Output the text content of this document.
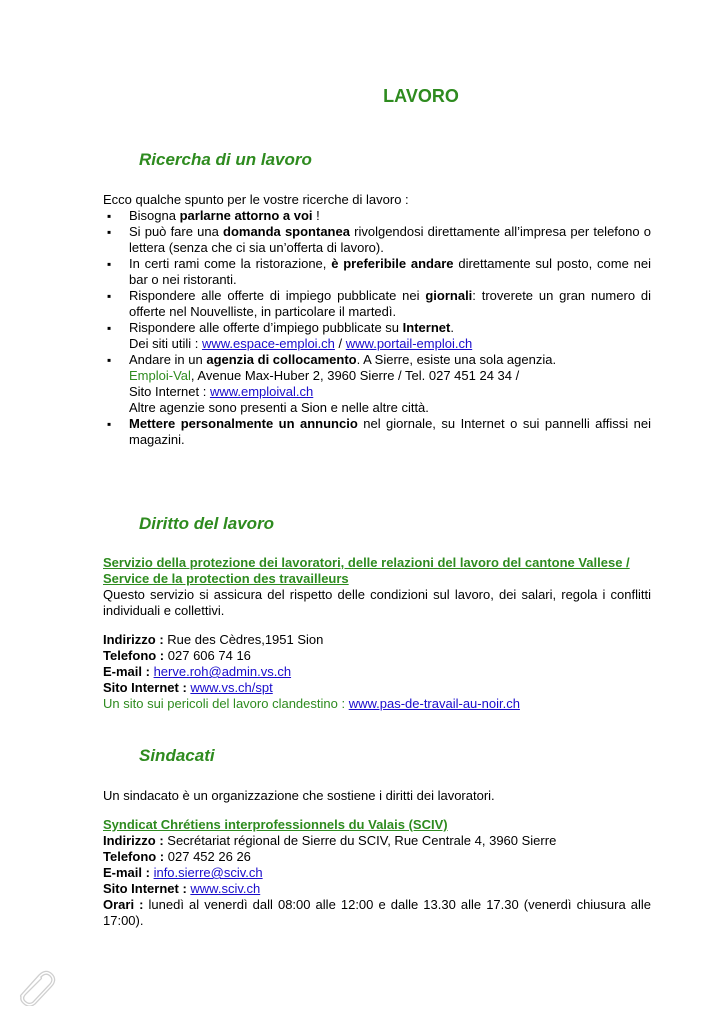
LAVORO
Ricercha di un lavoro
Ecco qualche spunto per le vostre ricerche di lavoro :
▪ Bisogna parlarne attorno a voi !
▪ Si può fare una domanda spontanea rivolgendosi direttamente all’impresa per telefono o lettera (senza che ci sia un’offerta di lavoro).
▪ In certi rami come la ristorazione, è preferibile andare direttamente sul posto, come nei bar o nei ristoranti.
▪ Rispondere alle offerte di impiego pubblicate nei giornali: troverete un gran numero di offerte nel Nouvelliste, in particolare il martedì.
▪ Rispondere alle offerte d’impiego pubblicate su Internet.
Dei siti utili : www.espace-emploi.ch / www.portail-emploi.ch
▪ Andare in un agenzia di collocamento. A Sierre, esiste una sola agenzia.
Emploi-Val, Avenue Max-Huber 2, 3960 Sierre / Tel. 027 451 24 34 /
Sito Internet : www.emploival.ch
Altre agenzie sono presenti a Sion e nelle altre città.
▪ Mettere personalmente un annuncio nel giornale, su Internet o sui pannelli affissi nei magazini.
Diritto del lavoro
Servizio della protezione dei lavoratori, delle relazioni del lavoro del cantone Vallese / Service de la protection des travailleurs
Questo servizio si assicura del rispetto delle condizioni sul lavoro, dei salari, regola i conflitti individuali e collettivi.
Indirizzo : Rue des Cèdres,1951 Sion
Telefono : 027 606 74 16
E-mail : herve.roh@admin.vs.ch
Sito Internet : www.vs.ch/spt
Un sito sui pericoli del lavoro clandestino : www.pas-de-travail-au-noir.ch
Sindacati
Un sindacato è un organizzazione che sostiene i diritti dei lavoratori.
Syndicat Chrétiens interprofessionnels du Valais (SCIV)
Indirizzo : Secrétariat régional de Sierre du SCIV, Rue Centrale 4, 3960 Sierre
Telefono : 027 452 26 26
E-mail : info.sierre@sciv.ch
Sito Internet : www.sciv.ch
Orari : lunedì al venerdì dall 08:00 alle 12:00 e dalle 13.30 alle 17.30 (venerdì chiusura alle 17:00).
